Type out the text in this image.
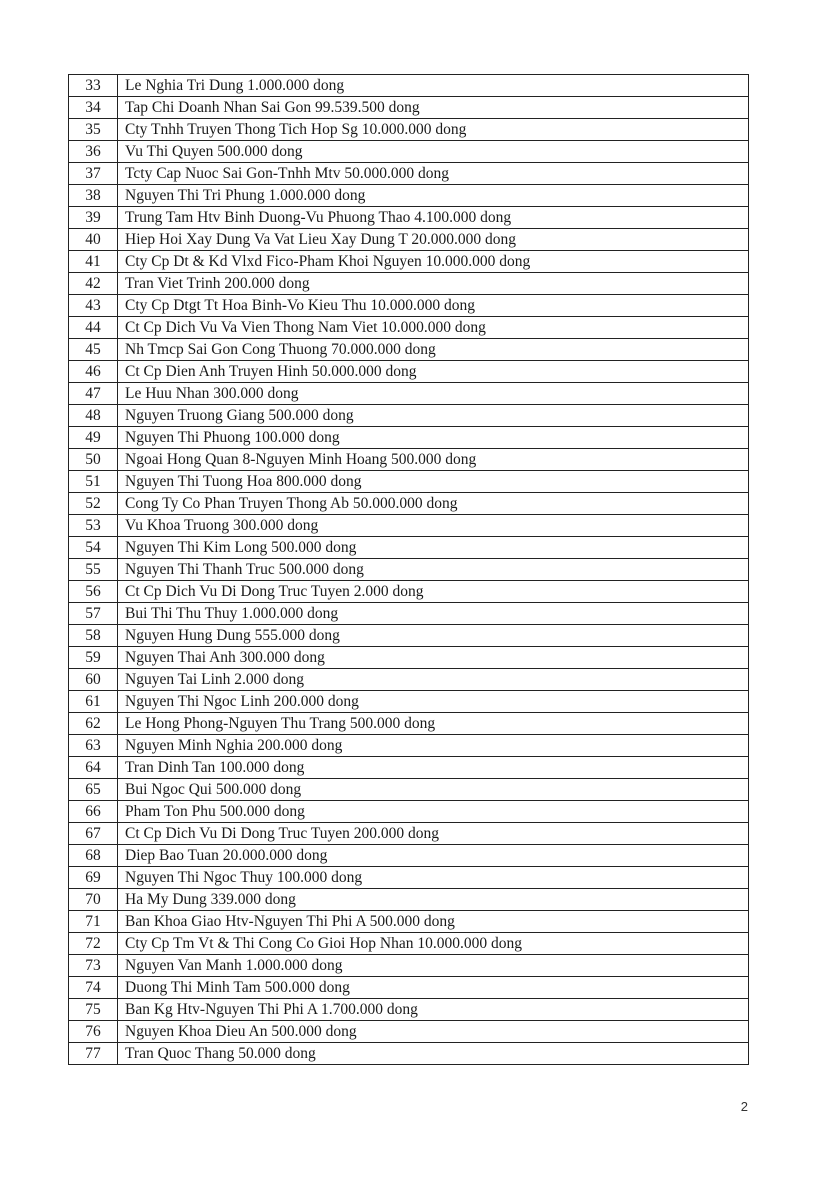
33	Le Nghia Tri Dung 1.000.000 dong
34	Tap Chi Doanh Nhan Sai Gon 99.539.500 dong
35	Cty Tnhh Truyen Thong Tich Hop Sg 10.000.000 dong
36	Vu Thi Quyen 500.000 dong
37	Tcty Cap Nuoc Sai Gon-Tnhh Mtv 50.000.000 dong
38	Nguyen Thi Tri Phung 1.000.000 dong
39	Trung Tam Htv Binh Duong-Vu Phuong Thao 4.100.000 dong
40	Hiep Hoi Xay Dung Va Vat Lieu Xay Dung T 20.000.000 dong
41	Cty Cp Dt & Kd Vlxd Fico-Pham Khoi Nguyen 10.000.000 dong
42	Tran Viet Trinh 200.000 dong
43	Cty Cp Dtgt Tt Hoa Binh-Vo Kieu Thu 10.000.000 dong
44	Ct Cp Dich Vu Va Vien Thong Nam Viet 10.000.000 dong
45	Nh Tmcp Sai Gon Cong Thuong 70.000.000 dong
46	Ct Cp Dien Anh Truyen Hinh 50.000.000 dong
47	Le Huu Nhan 300.000 dong
48	Nguyen Truong Giang 500.000 dong
49	Nguyen Thi Phuong 100.000 dong
50	Ngoai Hong Quan 8-Nguyen Minh Hoang 500.000 dong
51	Nguyen Thi Tuong Hoa 800.000 dong
52	Cong Ty Co Phan Truyen Thong Ab 50.000.000 dong
53	Vu Khoa Truong 300.000 dong
54	Nguyen Thi Kim Long 500.000 dong
55	Nguyen Thi Thanh Truc 500.000 dong
56	Ct Cp Dich Vu Di Dong Truc Tuyen 2.000 dong
57	Bui Thi Thu Thuy 1.000.000 dong
58	Nguyen Hung Dung 555.000 dong
59	Nguyen Thai Anh 300.000 dong
60	Nguyen Tai Linh 2.000 dong
61	Nguyen Thi Ngoc Linh 200.000 dong
62	Le Hong Phong-Nguyen Thu Trang 500.000 dong
63	Nguyen Minh Nghia 200.000 dong
64	Tran Dinh Tan 100.000 dong
65	Bui Ngoc Qui 500.000 dong
66	Pham Ton Phu 500.000 dong
67	Ct Cp Dich Vu Di Dong Truc Tuyen 200.000 dong
68	Diep Bao Tuan 20.000.000 dong
69	Nguyen Thi Ngoc Thuy 100.000 dong
70	Ha My Dung 339.000 dong
71	Ban Khoa Giao Htv-Nguyen Thi Phi A 500.000 dong
72	Cty Cp Tm Vt & Thi Cong Co Gioi Hop Nhan 10.000.000 dong
73	Nguyen Van Manh 1.000.000 dong
74	Duong Thi Minh Tam 500.000 dong
75	Ban Kg Htv-Nguyen Thi Phi A 1.700.000 dong
76	Nguyen Khoa Dieu An 500.000 dong
77	Tran Quoc Thang 50.000 dong
2
